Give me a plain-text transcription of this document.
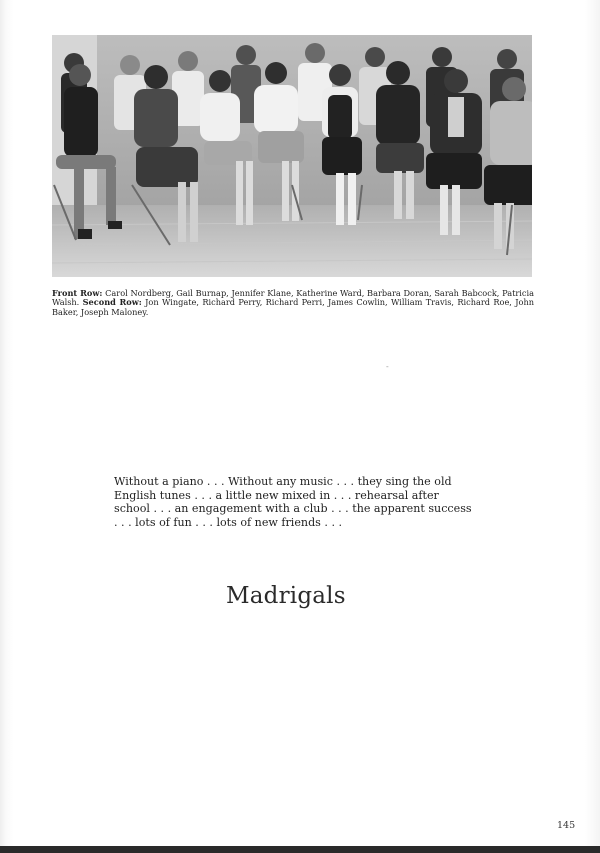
Front Row: Carol Nordberg, Gail Burnap, Jennifer Klane, Katherine Ward, Barbara Doran, Sarah Babcock, Patricia Walsh. Second Row: Jon Wingate, Richard Perry, Richard Perri, James Cowlin, William Travis, Richard Roe, John Baker, Joseph Maloney.
-
Without a piano . . . Without any music . . . they sing the old
English tunes . . . a little new mixed in . . . rehearsal after
school . . . an engagement with a club . . . the apparent success
. . . lots of fun . . . lots of new friends . . .
Madrigals
145
